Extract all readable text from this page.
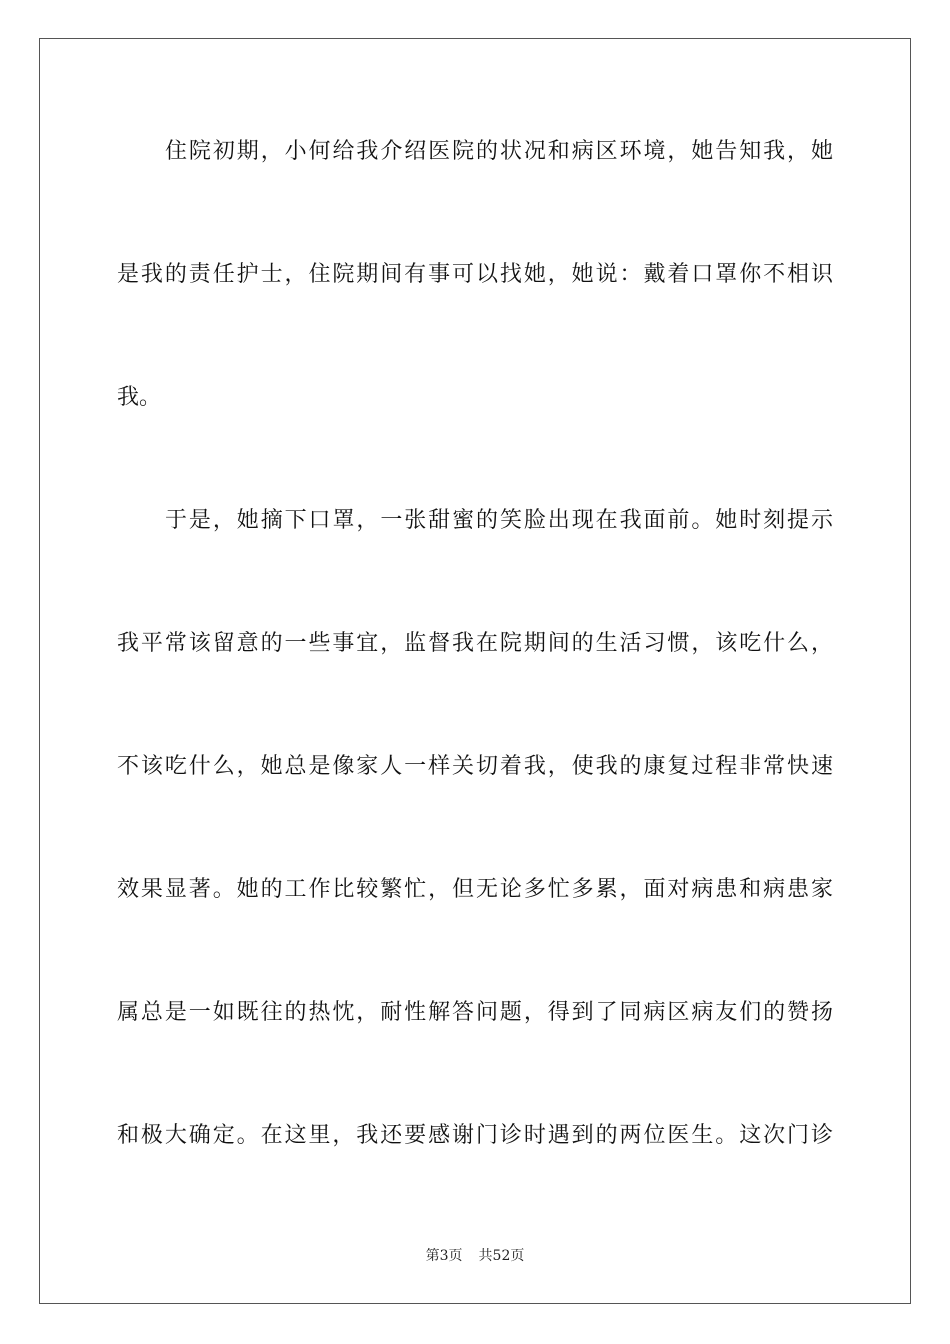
住院初期，小何给我介绍医院的状况和病区环境，她告知我，她
是我的责任护士，住院期间有事可以找她，她说：戴着口罩你不相识
我。
于是，她摘下口罩，一张甜蜜的笑脸出现在我面前。她时刻提示
我平常该留意的一些事宜，监督我在院期间的生活习惯，该吃什么，
不该吃什么，她总是像家人一样关切着我，使我的康复过程非常快速
效果显著。她的工作比较繁忙，但无论多忙多累，面对病患和病患家
属总是一如既往的热忱，耐性解答问题，得到了同病区病友们的赞扬
和极大确定。在这里，我还要感谢门诊时遇到的两位医生。这次门诊
第3页 共52页
